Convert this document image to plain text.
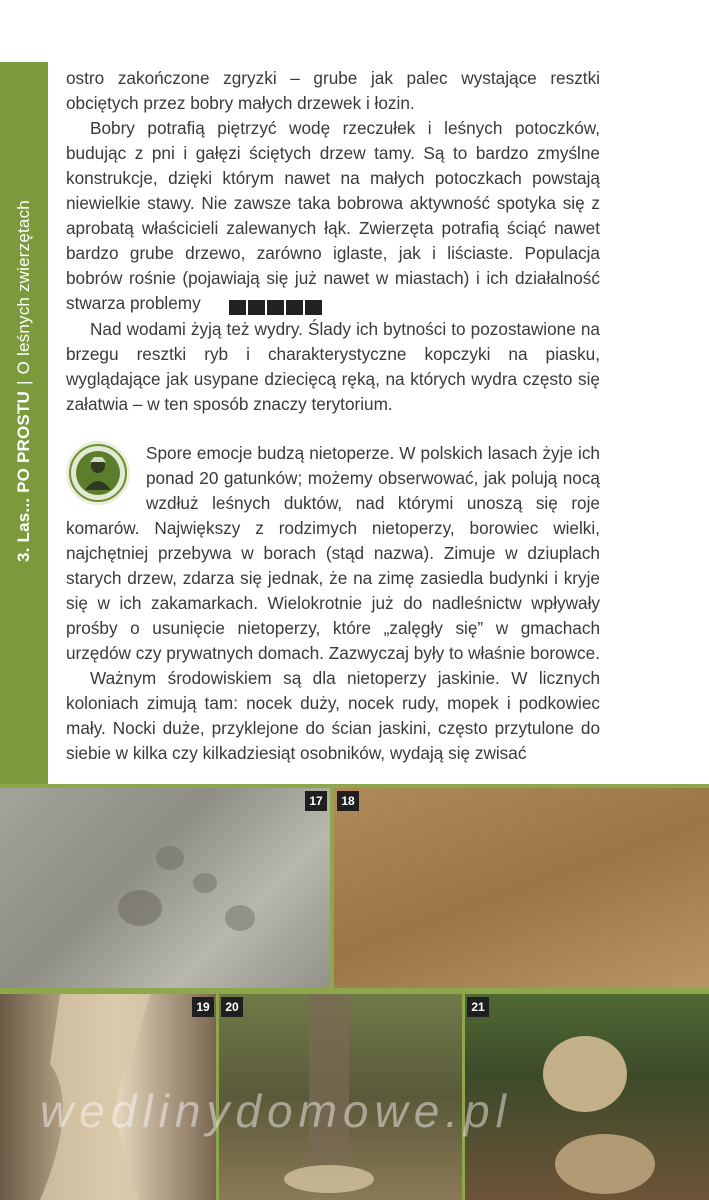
3. Las... PO PROSTU|O leśnych zwierzętach

ostro zakończone zgryzki – grube jak palec wystające resztki obciętych przez bobry małych drzewek i łozin.

Bobry potrafią piętrzyć wodę rzeczułek i leśnych potoczków, budując z pni i gałęzi ściętych drzew tamy. Są to bardzo zmyślne konstrukcje, dzięki którym nawet na małych potoczkach powstają niewielkie stawy. Nie zawsze taka bobrowa aktywność spotyka się z aprobatą właścicieli zalewanych łąk. Zwierzęta potrafią ściąć nawet bardzo grube drzewo, zarówno iglaste, jak i liściaste. Populacja bobrów rośnie (pojawiają się już nawet w miastach) i ich działalność stwarza problemy	21

Nad wodami żyją też wydry. Ślady ich bytności to pozostawione na brzegu resztki ryb i charakterystyczne kopczyki na piasku, wyglądające jak usypane dziecięcą ręką, na których wydra często się załatwia – w ten sposób znaczy terytorium.

Spore emocje budzą nietoperze. W polskich lasach żyje ich ponad 20 gatunków; możemy obserwować, jak polują nocą wzdłuż leśnych duktów, nad którymi unoszą się roje komarów. Największy z rodzimych nietoperzy, borowiec wielki, najchętniej przebywa w borach (stąd nazwa). Zimuje w dziuplach starych drzew, zdarza się jednak, że na zimę zasiedla budynki i kryje się w ich zakamarkach. Wielokrotnie już do nadleśnictw wpływały prośby o usunięcie nietoperzy, które „zalęgły się” w gmachach urzędów czy prywatnych domach. Zazwyczaj były to właśnie borowce.

Ważnym środowiskiem są dla nietoperzy jaskinie. W licznych koloniach zimują tam: nocek duży, nocek rudy, mopek i podkowiec mały. Nocki duże, przyklejone do ścian jaskini, często przytulone do siebie w kilka czy kilkadziesiąt osobników, wydają się zwisać

17	18
19	20	21
wedlinydomowe.pl
